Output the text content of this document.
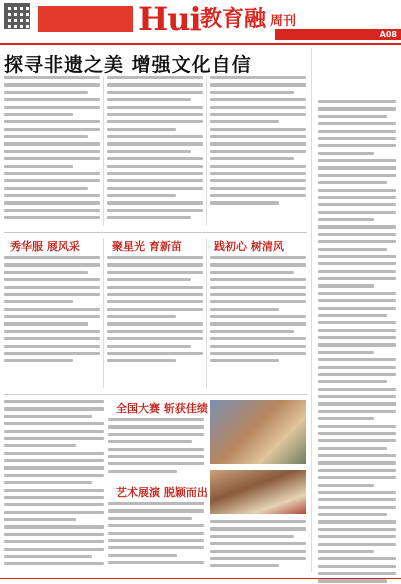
Hui 教育融 周刊
A08
探寻非遗之美 增强文化自信
秀华服 展风采	聚星光 育新苗	践初心 树清风
全国大赛 斩获佳绩
艺术展演 脱颖而出
